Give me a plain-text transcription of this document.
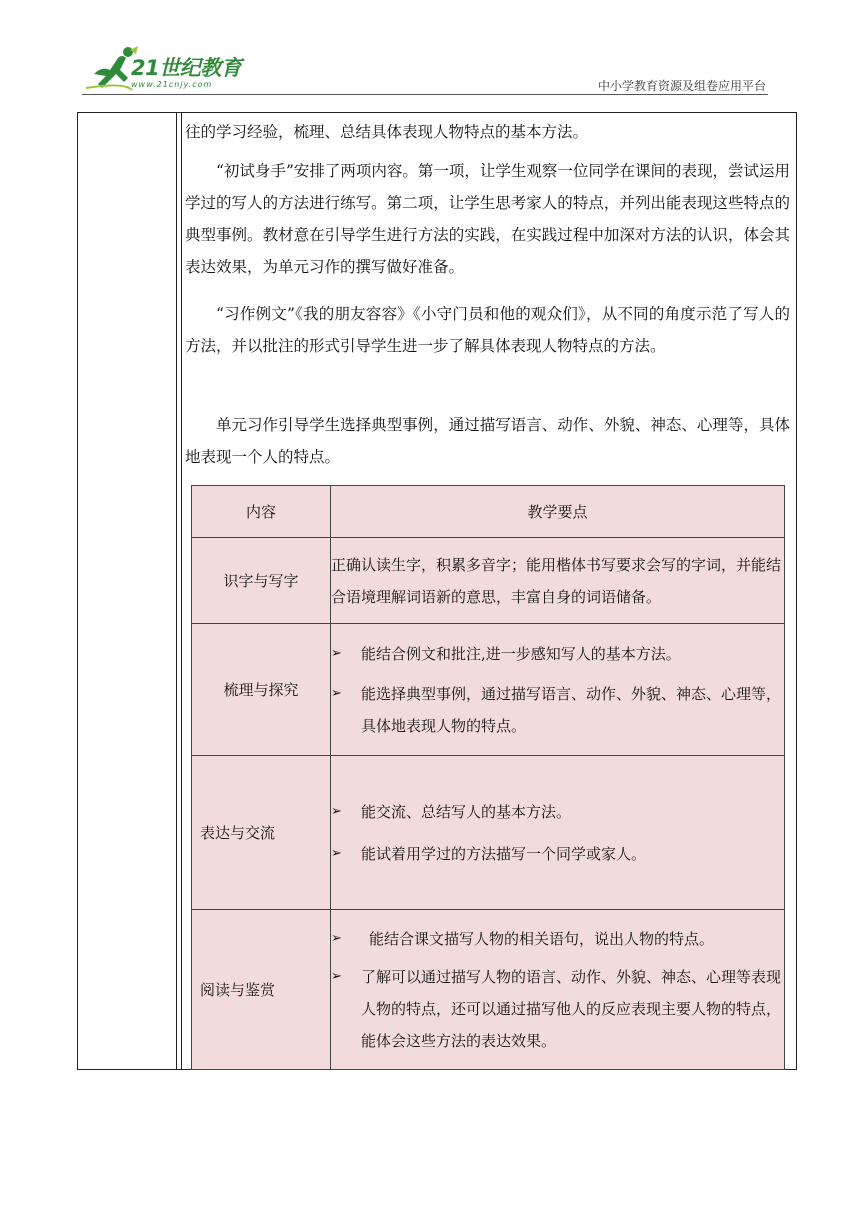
21世纪教育
www.21cnjy.com	中小学教育资源及组卷应用平台

往的学习经验，梳理、总结具体表现人物特点的基本方法。

“初试身手”安排了两项内容。第一项，让学生观察一位同学在课间的表现，尝试运用学过的写人的方法进行练写。第二项，让学生思考家人的特点，并列出能表现这些特点的典型事例。教材意在引导学生进行方法的实践，在实践过程中加深对方法的认识，体会其表达效果，为单元习作的撰写做好准备。

“习作例文”《我的朋友容容》《小守门员和他的观众们》，从不同的角度示范了写人的方法，并以批注的形式引导学生进一步了解具体表现人物特点的方法。

单元习作引导学生选择典型事例，通过描写语言、动作、外貌、神态、心理等，具体地表现一个人的特点。

内容	教学要点
识字与写字	正确认读生字，积累多音字；能用楷体书写要求会写的字词，并能结合语境理解词语新的意思，丰富自身的词语储备。
梳理与探究	➢ 能结合例文和批注,进一步感知写人的基本方法。
➢ 能选择典型事例，通过描写语言、动作、外貌、神态、心理等，具体地表现人物的特点。

表达与交流	➢ 能交流、总结写人的基本方法。
➢ 能试着用学过的方法描写一个同学或家人。

阅读与鉴赏	➢ 能结合课文描写人物的相关语句，说出人物的特点。
➢ 了解可以通过描写人物的语言、动作、外貌、神态、心理等表现人物的特点，还可以通过描写他人的反应表现主要人物的特点，能体会这些方法的表达效果。
